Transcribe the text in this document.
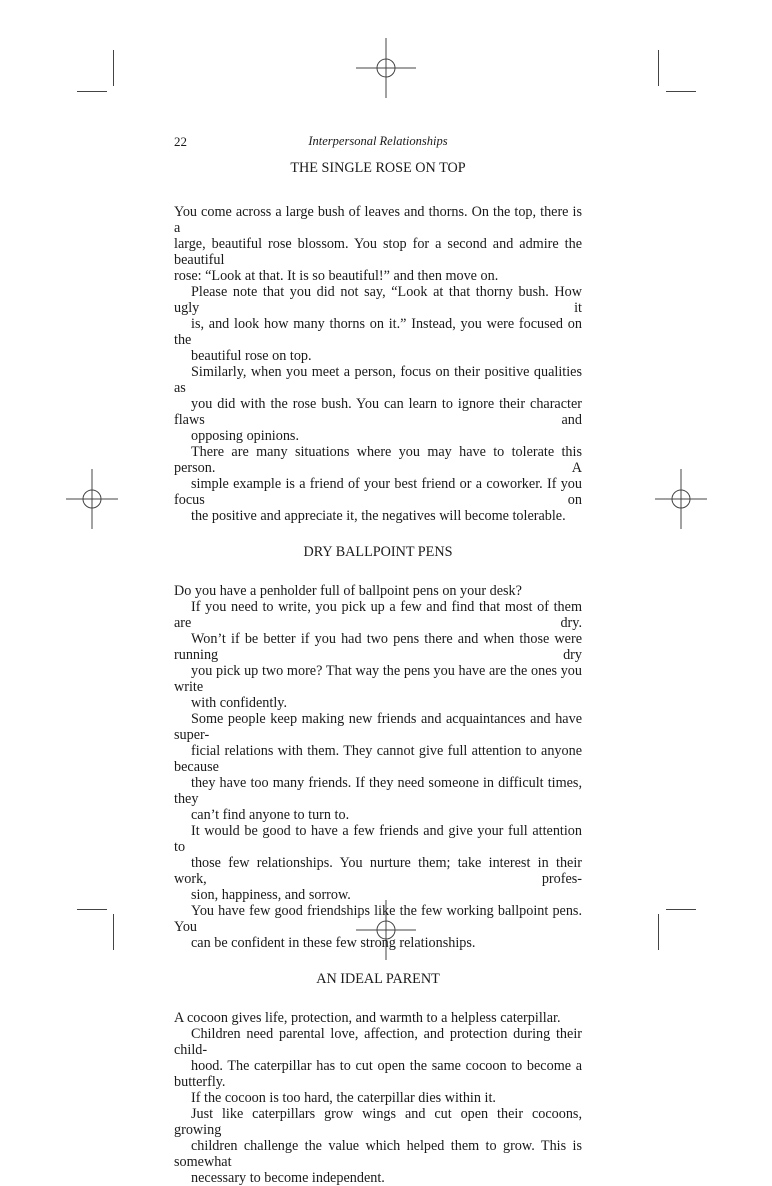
22	Interpersonal Relationships
THE SINGLE ROSE ON TOP

You come across a large bush of leaves and thorns. On the top, there is a
large, beautiful rose blossom. You stop for a second and admire the beautiful
rose: “Look at that. It is so beautiful!” and then move on.

Please note that you did not say, “Look at that thorny bush. How ugly it
is, and look how many thorns on it.” Instead, you were focused on the
beautiful rose on top.

Similarly, when you meet a person, focus on their positive qualities as
you did with the rose bush. You can learn to ignore their character flaws and
opposing opinions.

There are many situations where you may have to tolerate this person. A
simple example is a friend of your best friend or a coworker. If you focus on
the positive and appreciate it, the negatives will become tolerable.

DRY BALLPOINT PENS

Do you have a penholder full of ballpoint pens on your desk?

If you need to write, you pick up a few and find that most of them are dry.
Won’t if be better if you had two pens there and when those were running dry
you pick up two more? That way the pens you have are the ones you write
with confidently.

Some people keep making new friends and acquaintances and have super-
ficial relations with them. They cannot give full attention to anyone because
they have too many friends. If they need someone in difficult times, they
can’t find anyone to turn to.

It would be good to have a few friends and give your full attention to
those few relationships. You nurture them; take interest in their work, profes-
sion, happiness, and sorrow.

You have few good friendships like the few working ballpoint pens. You
can be confident in these few strong relationships.

AN IDEAL PARENT

A cocoon gives life, protection, and warmth to a helpless caterpillar.

Children need parental love, affection, and protection during their child-
hood. The caterpillar has to cut open the same cocoon to become a butterfly.
If the cocoon is too hard, the caterpillar dies within it.

Just like caterpillars grow wings and cut open their cocoons, growing
children challenge the value which helped them to grow. This is somewhat
necessary to become independent.
